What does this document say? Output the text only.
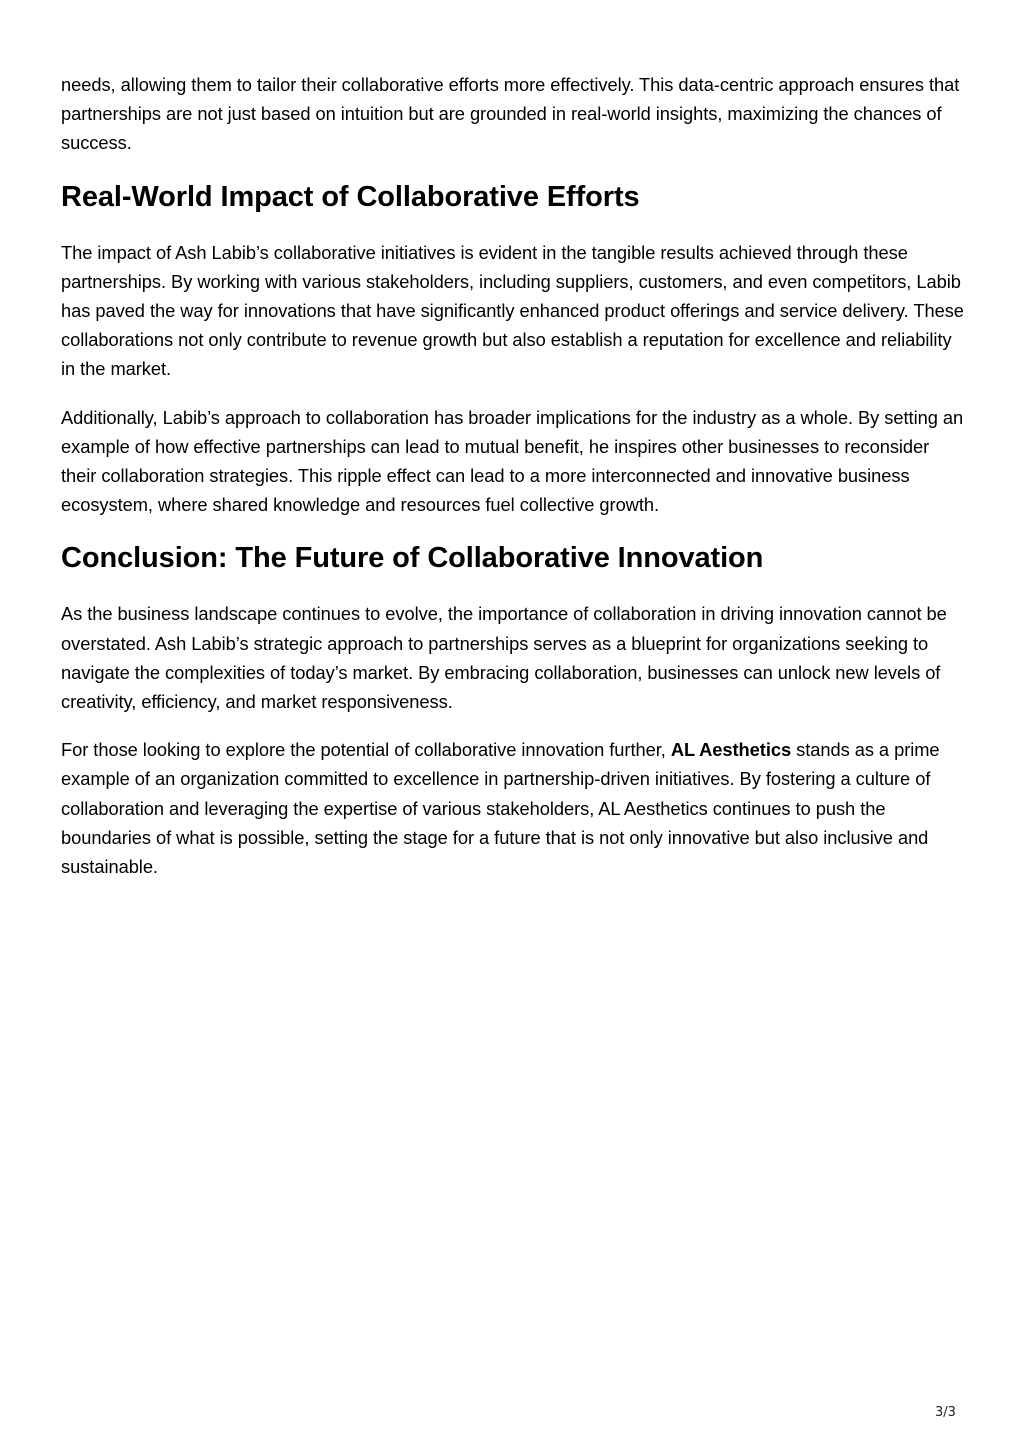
needs, allowing them to tailor their collaborative efforts more effectively. This data-centric approach ensures that partnerships are not just based on intuition but are grounded in real-world insights, maximizing the chances of success.

Real-World Impact of Collaborative Efforts

The impact of Ash Labib’s collaborative initiatives is evident in the tangible results achieved through these partnerships. By working with various stakeholders, including suppliers, customers, and even competitors, Labib has paved the way for innovations that have significantly enhanced product offerings and service delivery. These collaborations not only contribute to revenue growth but also establish a reputation for excellence and reliability in the market.

Additionally, Labib’s approach to collaboration has broader implications for the industry as a whole. By setting an example of how effective partnerships can lead to mutual benefit, he inspires other businesses to reconsider their collaboration strategies. This ripple effect can lead to a more interconnected and innovative business ecosystem, where shared knowledge and resources fuel collective growth.

Conclusion: The Future of Collaborative Innovation

As the business landscape continues to evolve, the importance of collaboration in driving innovation cannot be overstated. Ash Labib’s strategic approach to partnerships serves as a blueprint for organizations seeking to navigate the complexities of today’s market. By embracing collaboration, businesses can unlock new levels of creativity, efficiency, and market responsiveness.

For those looking to explore the potential of collaborative innovation further, AL Aesthetics stands as a prime example of an organization committed to excellence in partnership-driven initiatives. By fostering a culture of collaboration and leveraging the expertise of various stakeholders, AL Aesthetics continues to push the boundaries of what is possible, setting the stage for a future that is not only innovative but also inclusive and sustainable.

3/3
